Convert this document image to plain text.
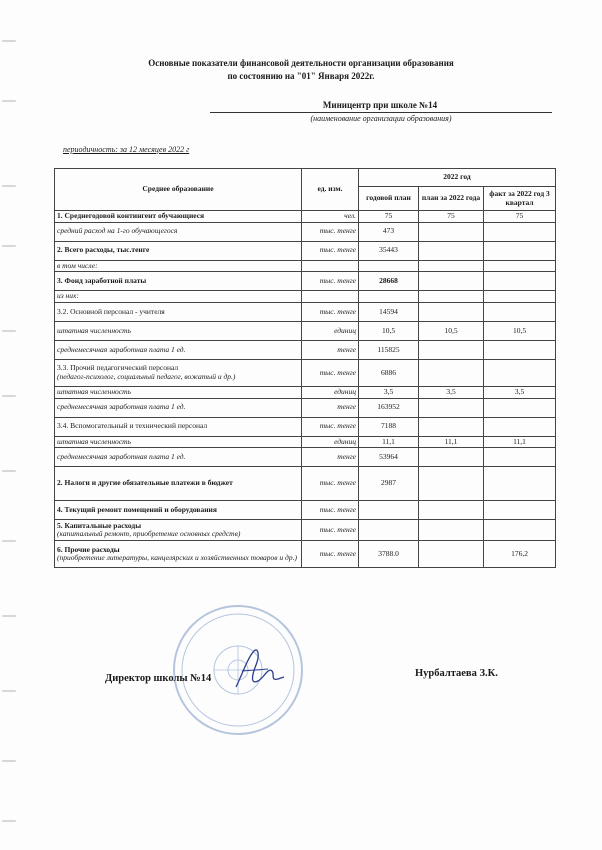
Основные показатели финансовой деятельности организации образования
по состоянию на "01" Января 2022г.
Миницентр при школе №14
(наименование организации образования)
периодичность: за 12 месяцев 2022 г
Среднее образование	ед. изм.	2022 год		
		годовой план	план за 2022 года	факт за 2022 год 3 квартал
1. Среднегодовой контингент обучающиеся	чел.	75	75	75
средний расход на 1-го обучающегося	тыс. тенге	473		
2. Всего расходы, тыс.тенге	тыс. тенге	35443		
в том числе:				
3. Фонд заработной платы	тыс. тенге	28668		
из них:				
3.2. Основной персонал - учителя	тыс. тенге	14594		
штатная численность	единиц	10,5	10,5	10,5
среднемесячная заработная плата 1 ед.	тенге	115825		
3.3. Прочий педагогический персонал
(педагог-психолог, социальный педагог, вожатый и др.)	тыс. тенге	6886		
штатная численность	единиц	3,5	3,5	3,5
среднемесячная заработная плата 1 ед.	тенге	163952		
3.4. Вспомогательный и технический персонал	тыс. тенге	7188		
штатная численность	единиц	11,1	11,1	11,1
среднемесячная заработная плата 1 ед.	тенге	53964		
2. Налоги и другие обязательные платежи в бюджет	тыс. тенге	2987		
4. Текущий ремонт помещений и оборудования	тыс. тенге			
5. Капитальные расходы
(капитальный ремонт, приобретение основных средств)	тыс. тенге			
6. Прочие расходы
(приобретение литературы, канцелярских и хозяйственных товаров и др.)	тыс. тенге	3788.0		176,2
Директор школы №14	Нурбалтаева З.К.
